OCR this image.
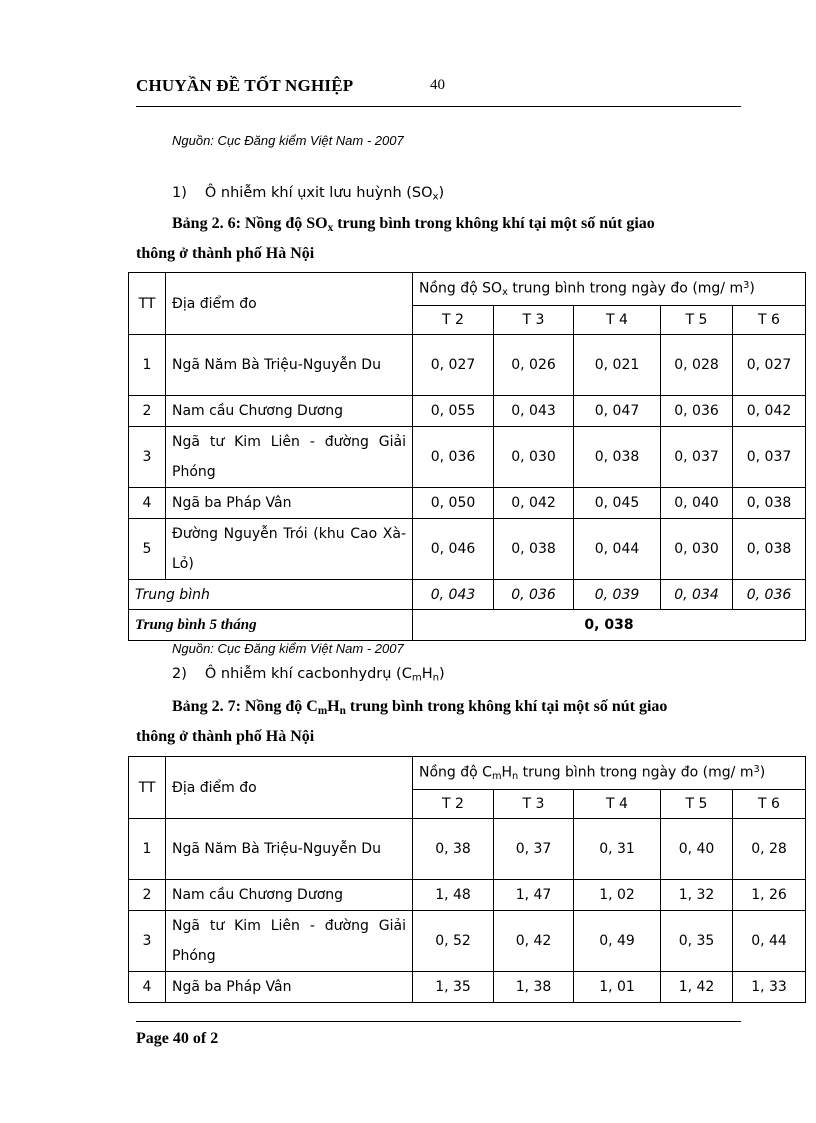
CHUYẦN ĐỀ TỐT NGHIỆP	40
Nguồn: Cục Đăng kiểm Việt Nam - 2007
1) Ô nhiễm khí ụxit lưu huỳnh $(SO_x)$
Bảng 2. 6: Nồng độ $SO_x$ trung bình trong không khí tại một số nút giao
thông ở thành phố Hà Nội
TT	Địa điểm đo	Nồng độ $SO_x$ trung bình trong ngày đo (mg/ $m^3$)				
		T 2	T 3	T 4	T 5	T 6
1	Ngã Năm Bà Triệu-Nguyễn Du	0, 027	0, 026	0, 021	0, 028	0, 027
2	Nam cầu Chương Dương	0, 055	0, 043	0, 047	0, 036	0, 042
3	Ngã tư Kim Liên - đường Giải Phóng	0, 036	0, 030	0, 038	0, 037	0, 037
4	Ngã ba Pháp Vân	0, 050	0, 042	0, 045	0, 040	0, 038
5	Đường Nguyễn Trói (khu Cao Xà-Lỏ)	0, 046	0, 038	0, 044	0, 030	0, 038
Trung bình		0, 043	0, 036	0, 039	0, 034	0, 036
Trung bình 5 tháng		0, 038				
Nguồn: Cục Đăng kiểm Việt Nam - 2007
2) Ô nhiễm khí cacbonhydrụ $(C_mH_n)$
Bảng 2. 7: Nồng độ $C_mH_n$ trung bình trong không khí tại một số nút giao
thông ở thành phố Hà Nội
TT	Địa điểm đo	Nồng độ $C_mH_n$ trung bình trong ngày đo (mg/ $m^3$)				
		T 2	T 3	T 4	T 5	T 6
1	Ngã Năm Bà Triệu-Nguyễn Du	0, 38	0, 37	0, 31	0, 40	0, 28
2	Nam cầu Chương Dương	1, 48	1, 47	1, 02	1, 32	1, 26
3	Ngã tư Kim Liên - đường Giải Phóng	0, 52	0, 42	0, 49	0, 35	0, 44
4	Ngã ba Pháp Vân	1, 35	1, 38	1, 01	1, 42	1, 33
Page 40 of 2
